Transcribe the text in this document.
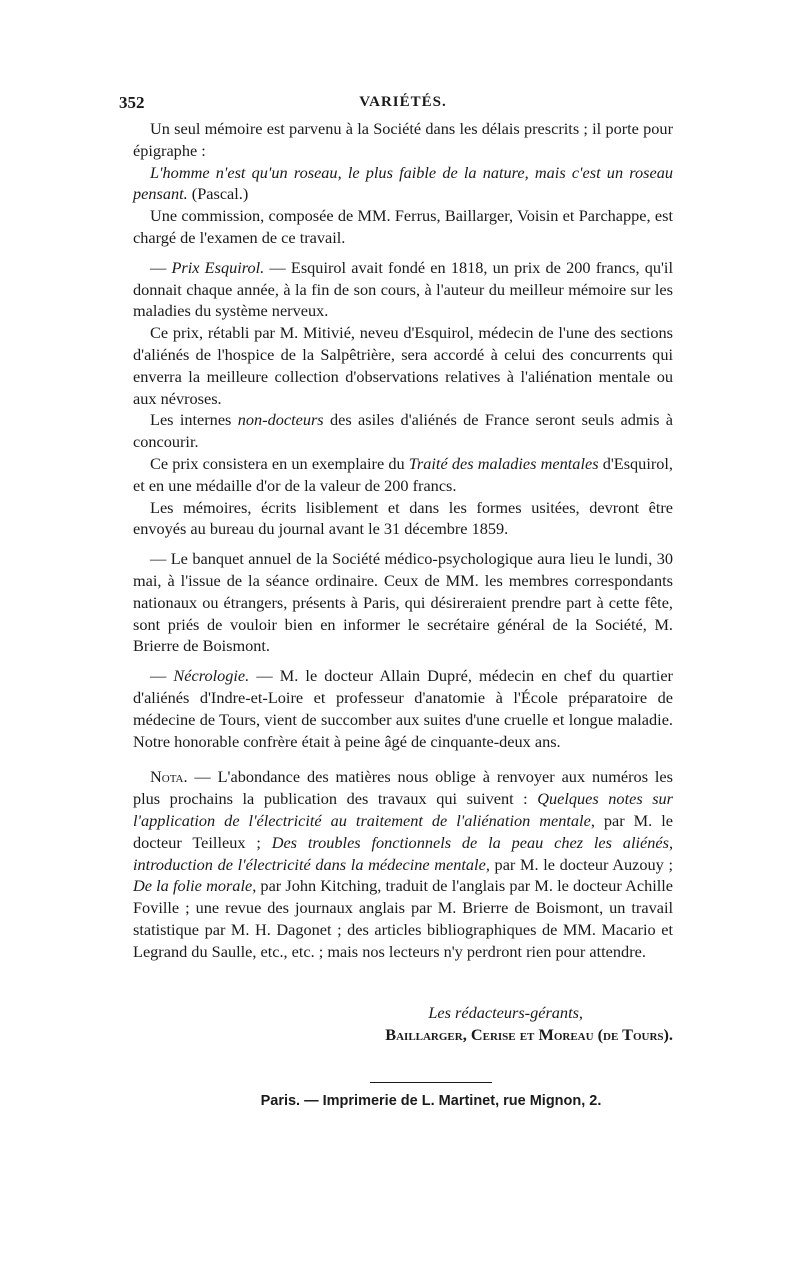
352	VARIÉTÉS.

Un seul mémoire est parvenu à la Société dans les délais prescrits ; il porte pour épigraphe :

L'homme n'est qu'un roseau, le plus faible de la nature, mais c'est un roseau pensant. (Pascal.)

Une commission, composée de MM. Ferrus, Baillarger, Voisin et Parchappe, est chargé de l'examen de ce travail.

— Prix Esquirol. — Esquirol avait fondé en 1818, un prix de 200 francs, qu'il donnait chaque année, à la fin de son cours, à l'auteur du meilleur mémoire sur les maladies du système nerveux.

Ce prix, rétabli par M. Mitivié, neveu d'Esquirol, médecin de l'une des sections d'aliénés de l'hospice de la Salpêtrière, sera accordé à celui des concurrents qui enverra la meilleure collection d'observations relatives à l'aliénation mentale ou aux névroses.

Les internes non-docteurs des asiles d'aliénés de France seront seuls admis à concourir.

Ce prix consistera en un exemplaire du Traité des maladies mentales d'Esquirol, et en une médaille d'or de la valeur de 200 francs.

Les mémoires, écrits lisiblement et dans les formes usitées, devront être envoyés au bureau du journal avant le 31 décembre 1859.

— Le banquet annuel de la Société médico-psychologique aura lieu le lundi, 30 mai, à l'issue de la séance ordinaire. Ceux de MM. les membres correspondants nationaux ou étrangers, présents à Paris, qui désireraient prendre part à cette fête, sont priés de vouloir bien en informer le secrétaire général de la Société, M. Brierre de Boismont.

— Nécrologie. — M. le docteur Allain Dupré, médecin en chef du quartier d'aliénés d'Indre-et-Loire et professeur d'anatomie à l'École préparatoire de médecine de Tours, vient de succomber aux suites d'une cruelle et longue maladie. Notre honorable confrère était à peine âgé de cinquante-deux ans.

Nota. — L'abondance des matières nous oblige à renvoyer aux numéros les plus prochains la publication des travaux qui suivent : Quelques notes sur l'application de l'électricité au traitement de l'aliénation mentale, par M. le docteur Teilleux ; Des troubles fonctionnels de la peau chez les aliénés, introduction de l'électricité dans la médecine mentale, par M. le docteur Auzouy ; De la folie morale, par John Kitching, traduit de l'anglais par M. le docteur Achille Foville ; une revue des journaux anglais par M. Brierre de Boismont, un travail statistique par M. H. Dagonet ; des articles bibliographiques de MM. Macario et Legrand du Saulle, etc., etc. ; mais nos lecteurs n'y perdront rien pour attendre.

Les rédacteurs-gérants,
Baillarger, Cerise et Moreau (de Tours).
Paris. — Imprimerie de L. Martinet, rue Mignon, 2.
